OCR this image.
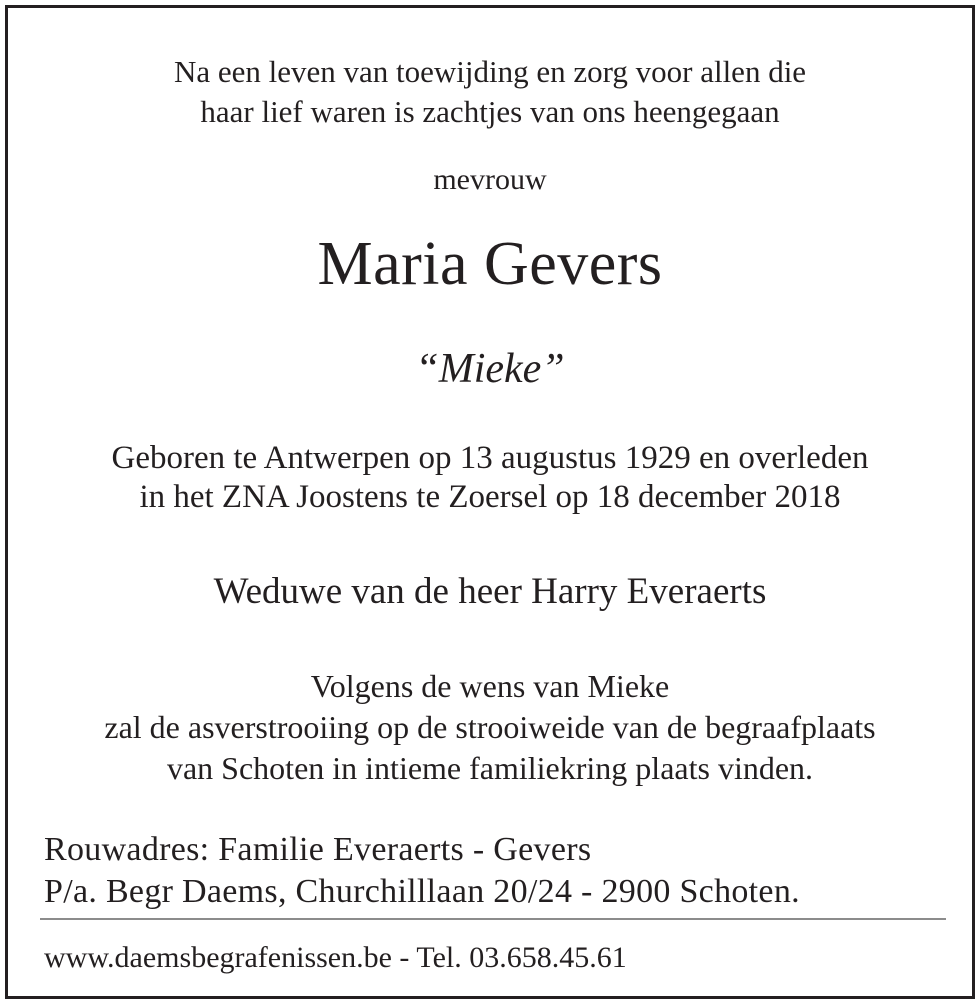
Na een leven van toewijding en zorg voor allen die
haar lief waren is zachtjes van ons heengegaan
mevrouw
Maria Gevers
“Mieke”
Geboren te Antwerpen op 13 augustus 1929 en overleden
in het ZNA Joostens te Zoersel op 18 december 2018
Weduwe van de heer Harry Everaerts
Volgens de wens van Mieke
zal de asverstrooiing op de strooiweide van de begraafplaats
van Schoten in intieme familiekring plaats vinden.
Rouwadres: Familie Everaerts - Gevers
P/a. Begr Daems, Churchilllaan 20/24 - 2900 Schoten.
www.daemsbegrafenissen.be - Tel. 03.658.45.61
